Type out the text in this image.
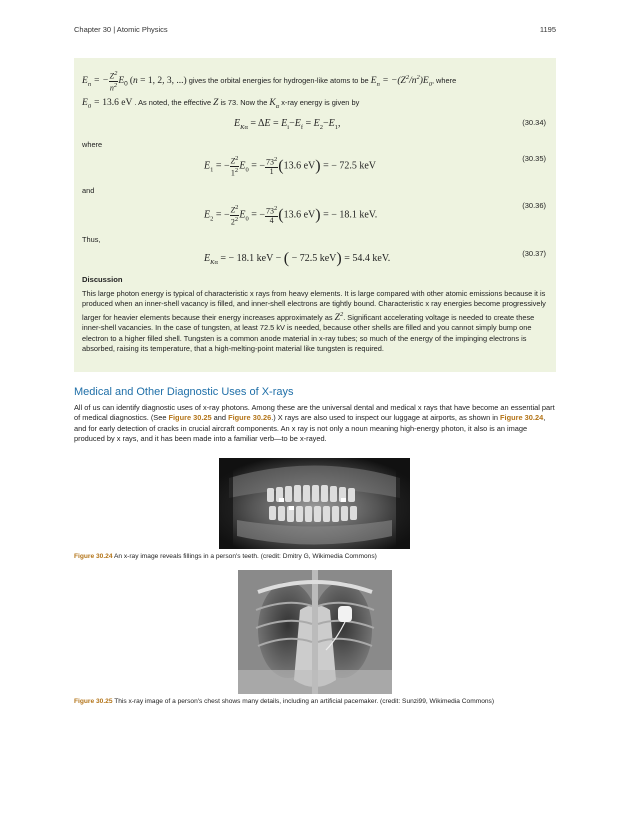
Chapter 30 | Atomic Physics	1195
$E_n$ = − $\frac{Z^2}{n^2} E_0$ (n = 1, 2, 3, ...) gives the orbital energies for hydrogen-like atoms to be $E_n = -(Z^2/n^2)E_0$, where
$E_0 = 13.6$ eV . As noted, the effective Z is 73. Now the $K_\alpha$ x-ray energy is given by
$E_{K\alpha} = \Delta E = E_i-E_f = E_2-E_1$,	(30.34)
where
$E_1$ = − $\frac{Z^2}{1^2} E_0$ = − $\frac{73^2}{1} (13.6$ eV) = − 72.5 keV
(30.35)
and
$E_2$ = − $\frac{Z^2}{2^2} E_0$ = − $\frac{73^2}{4} (13.6$ eV) = − 18.1 keV.
(30.36)
Thus,
$E_{K\alpha}$ = − 18.1 keV − ( − 72.5 keV) = 54.4 keV.	(30.37)
Discussion
This large photon energy is typical of characteristic x rays from heavy elements. It is large compared with other atomic emissions because it is produced when an inner-shell vacancy is filled, and inner-shell electrons are tightly bound. Characteristic x ray energies become progressively larger for heavier elements because their energy increases approximately as $Z^2$. Significant accelerating voltage is needed to create these inner-shell vacancies. In the case of tungsten, at least 72.5 kV is needed, because other shells are filled and you cannot simply bump one electron to a higher filled shell. Tungsten is a common anode material in x-ray tubes; so much of the energy of the impinging electrons is absorbed, raising its temperature, that a high-melting-point material like tungsten is required.
Medical and Other Diagnostic Uses of X-rays
All of us can identify diagnostic uses of x-ray photons. Among these are the universal dental and medical x rays that have become an essential part of medical diagnostics. (See Figure 30.25 and Figure 30.26.) X rays are also used to inspect our luggage at airports, as shown in Figure 30.24, and for early detection of cracks in crucial aircraft components. An x ray is not only a noun meaning high-energy photon, it also is an image produced by x rays, and it has been made into a familiar verb—to be x-rayed.
Figure 30.24 An x-ray image reveals fillings in a person's teeth. (credit: Dmitry G, Wikimedia Commons)
Figure 30.25 This x-ray image of a person's chest shows many details, including an artificial pacemaker. (credit: Sunzi99, Wikimedia Commons)
